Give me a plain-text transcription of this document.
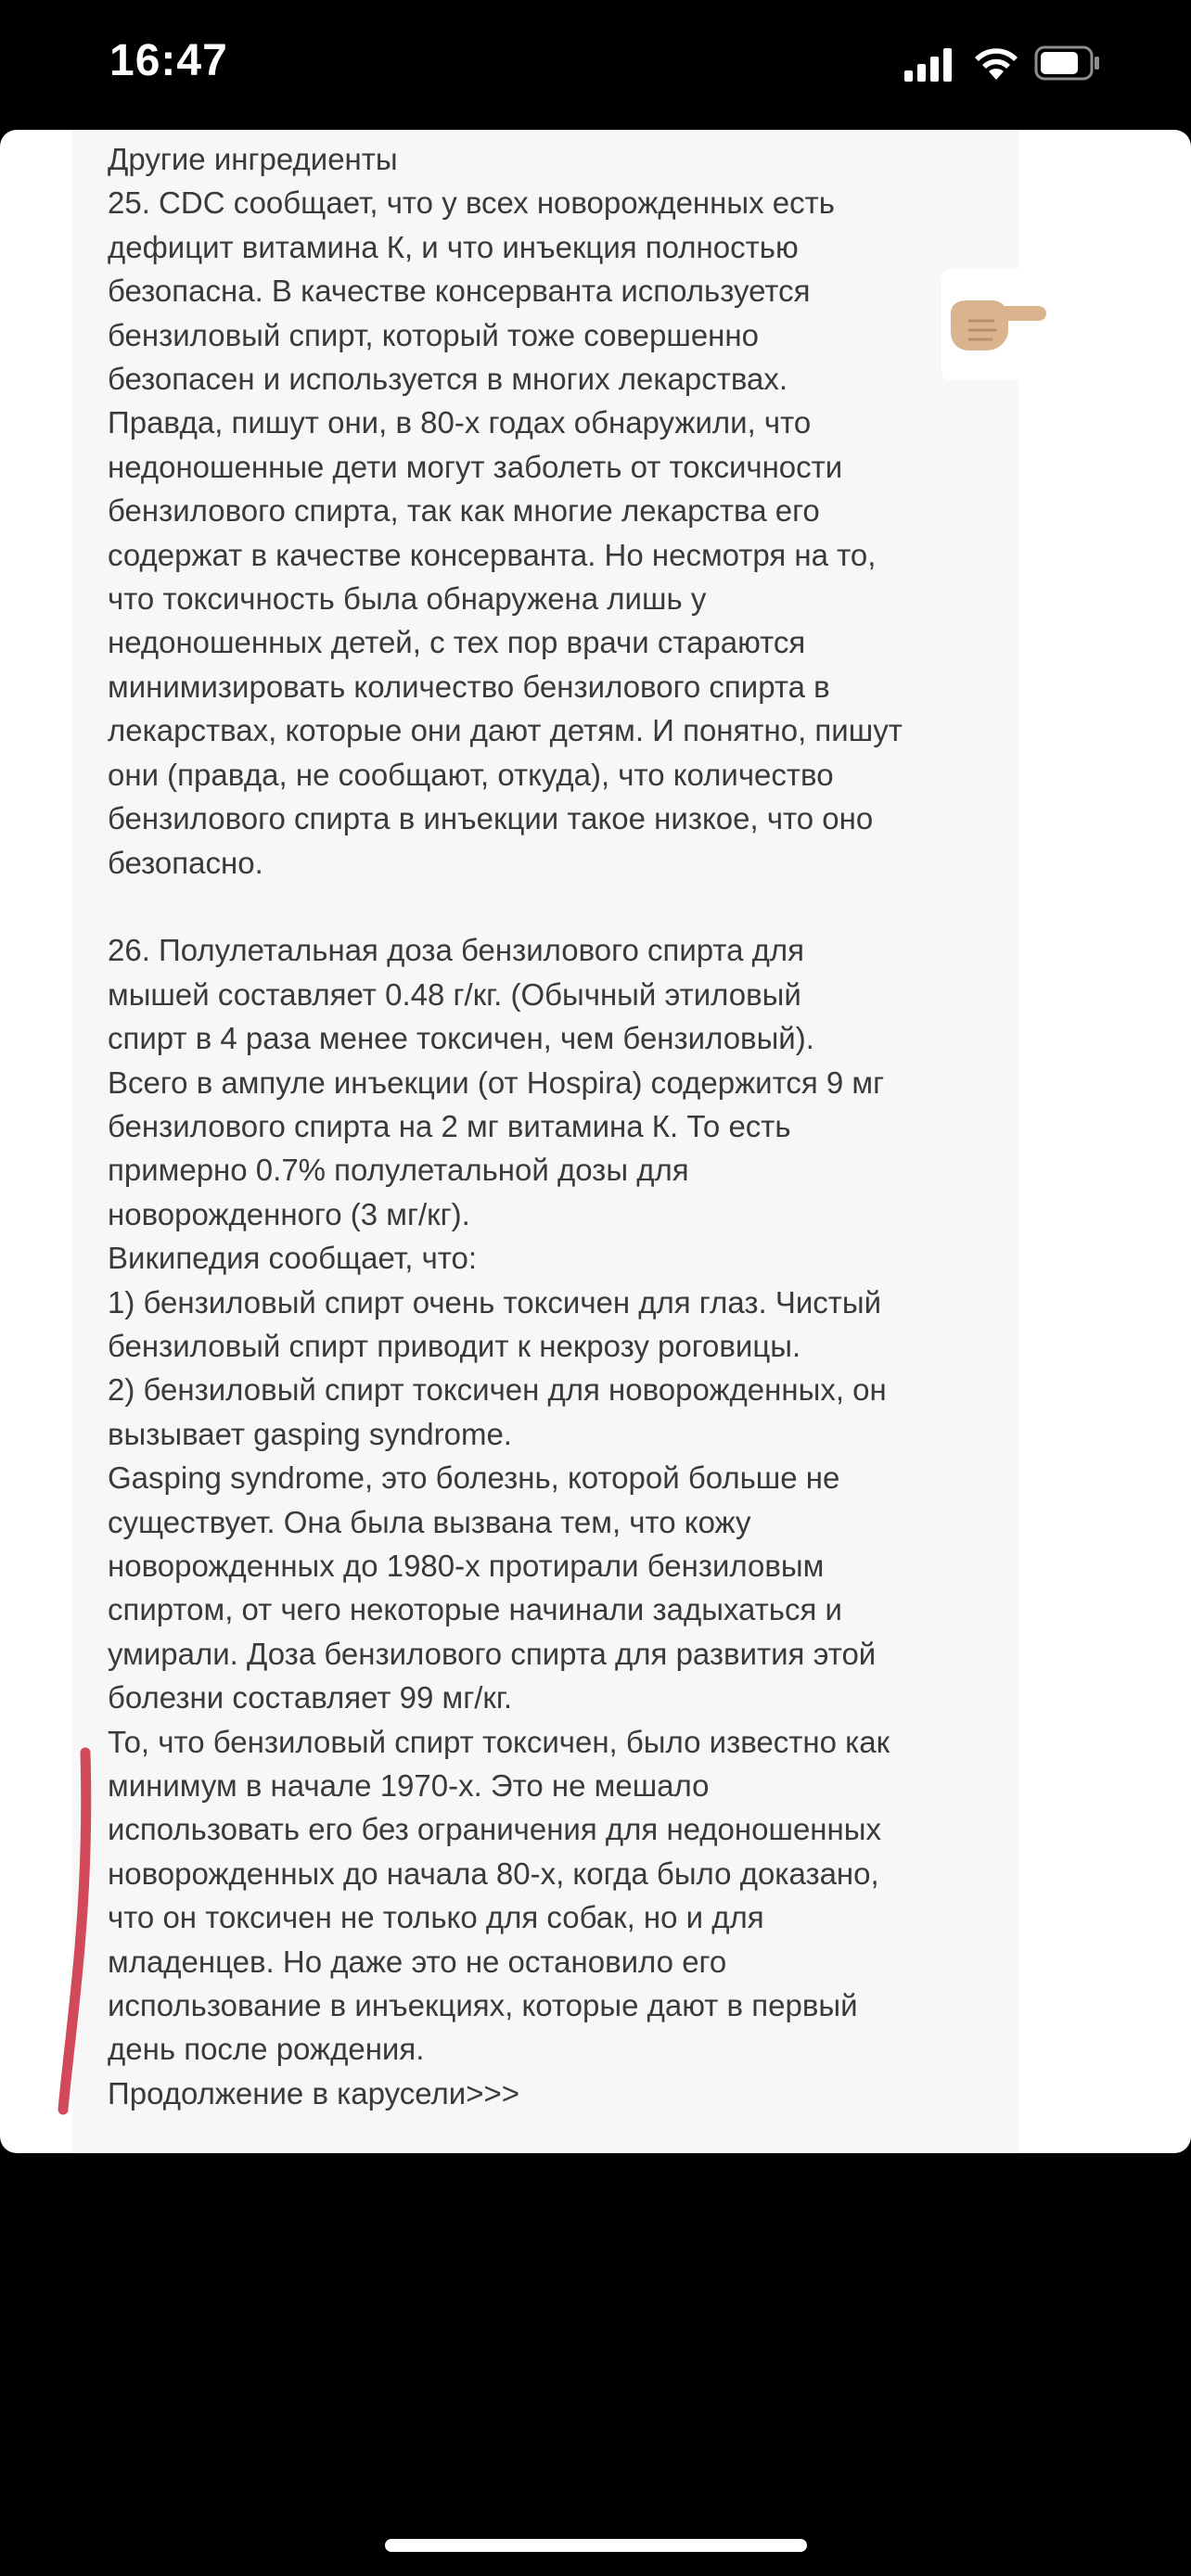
16:47

Другие ингредиенты
25. CDC сообщает, что у всех новорожденных есть
дефицит витамина К, и что инъекция полностью
безопасна. В качестве консерванта используется
бензиловый спирт, который тоже совершенно
безопасен и используется в многих лекарствах.
Правда, пишут они, в 80-х годах обнаружили, что
недоношенные дети могут заболеть от токсичности
бензилового спирта, так как многие лекарства его
содержат в качестве консерванта. Но несмотря на то,
что токсичность была обнаружена лишь у
недоношенных детей, с тех пор врачи стараются
минимизировать количество бензилового спирта в
лекарствах, которые они дают детям. И понятно, пишут
они (правда, не сообщают, откуда), что количество
бензилового спирта в инъекции такое низкое, что оно
безопасно.

26. Полулетальная доза бензилового спирта для
мышей составляет 0.48 г/кг. (Обычный этиловый
спирт в 4 раза менее токсичен, чем бензиловый).
Всего в ампуле инъекции (от Hospira) содержится 9 мг
бензилового спирта на 2 мг витамина К. То есть
примерно 0.7% полулетальной дозы для
новорожденного (3 мг/кг).
Википедия сообщает, что:
1) бензиловый спирт очень токсичен для глаз. Чистый
бензиловый спирт приводит к некрозу роговицы.
2) бензиловый спирт токсичен для новорожденных, он
вызывает gasping syndrome.
Gasping syndrome, это болезнь, которой больше не
существует. Она была вызвана тем, что кожу
новорожденных до 1980-х протирали бензиловым
спиртом, от чего некоторые начинали задыхаться и
умирали. Доза бензилового спирта для развития этой
болезни составляет 99 мг/кг.
То, что бензиловый спирт токсичен, было известно как
минимум в начале 1970-х. Это не мешало
использовать его без ограничения для недоношенных
новорожденных до начала 80-х, когда было доказано,
что он токсичен не только для собак, но и для
младенцев. Но даже это не остановило его
использование в инъекциях, которые дают в первый
день после рождения.
Продолжение в карусели>>>
